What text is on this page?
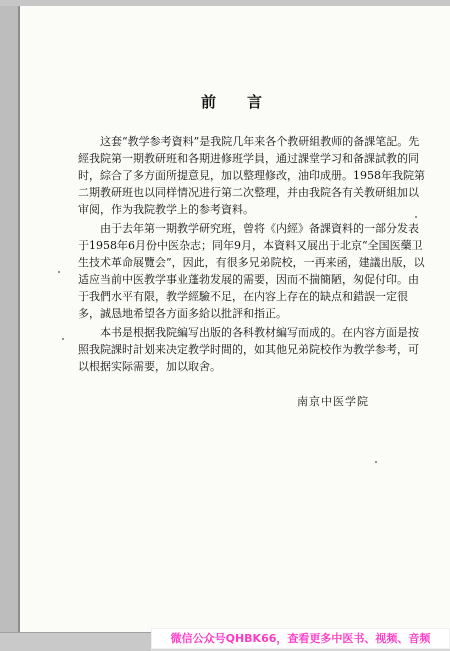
前　言

这套“教学参考資料”是我院几年来各个教研組教师的备課笔記。先經我院第一期教研班和各期进修班学員，通过課堂学习和备課試教的同时，綜合了多方面所提意見，加以整理修改，油印成册。1958年我院第二期教研班也以同样情况进行第二次整理，并由我院各有关教研組加以审阅，作为我院教学上的参考資料。

由于去年第一期教学研究班，曾将《内經》备課資料的一部分发表于1958年6月份中医杂志；同年9月，本資料又展出于北京“全国医藥卫生技术革命展覽会”，因此，有很多兄弟院校，一再来函，建議出版，以适应当前中医教学事业蓬勃发展的需要，因而不揣簡陋，匆促付印。由于我們水平有限，教学經驗不足，在内容上存在的缺点和錯誤一定很多，誠恳地希望各方面多給以批評和指正。

本书是根据我院編写出版的各科教材編写而成的。在内容方面是按照我院課时計划来决定教学时間的，如其他兄弟院校作为教学参考，可以根据实际需要，加以取舍。

南京中医学院
微信公众号QHBK66，查看更多中医书、视频、音频
